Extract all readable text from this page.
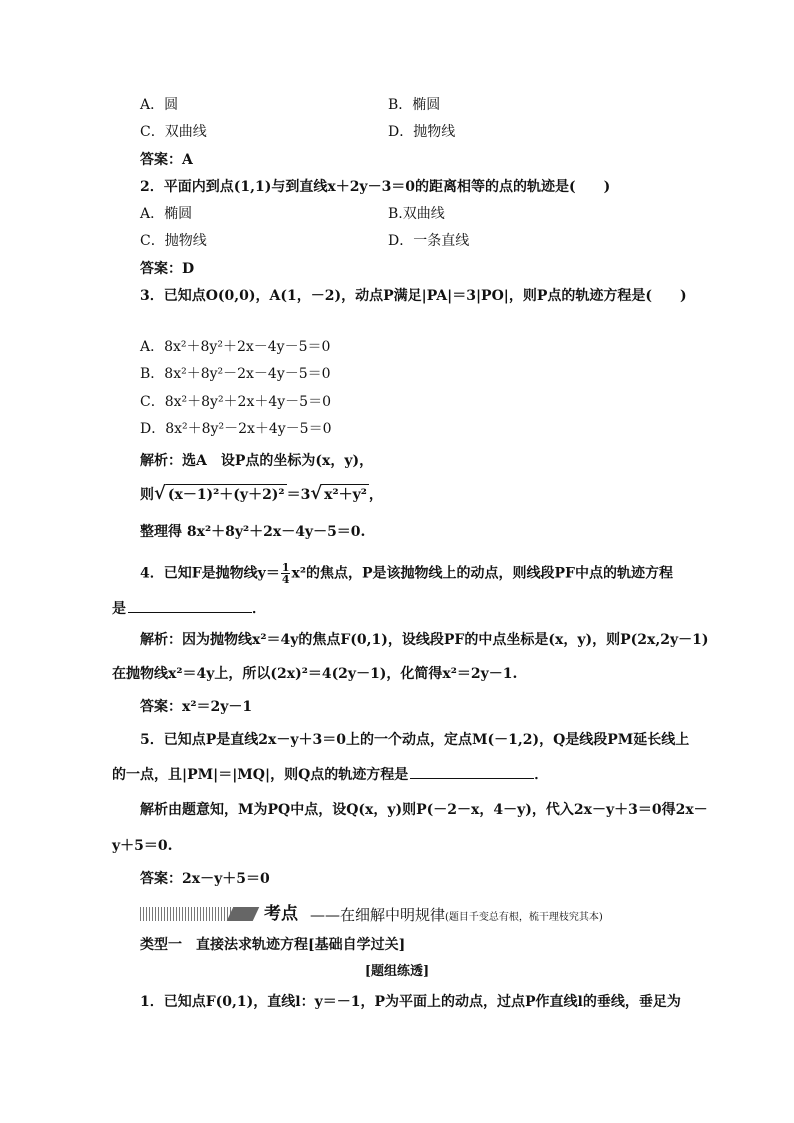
A．圆	B．椭圆
C．双曲线	D．抛物线
答案：A
2．平面内到点(1,1)与到直线x＋2y－3＝0的距离相等的点的轨迹是(　　)
A．椭圆	B.双曲线
C．抛物线	D．一条直线
答案：D
3．已知点O(0,0)，A(1，－2)，动点P满足|PA|＝3|PO|，则P点的轨迹方程是(　　)
A．8x²＋8y²＋2x－4y－5＝0
B．8x²＋8y²－2x－4y－5＝0
C．8x²＋8y²＋2x＋4y－5＝0
D．8x²＋8y²－2x＋4y－5＝0
解析：选A　设P点的坐标为(x，y)，
则√ (x－1)²＋(y＋2)² ＝3√ x²＋y² ，
整理得 8x²＋8y²＋2x－4y－5＝0.
4．已知F是抛物线$y= \frac{1}{4} x^2$的焦点，P是该抛物线上的动点，则线段PF中点的轨迹方程
是	．
解析：因为抛物线x²＝4y的焦点F(0,1)，设线段PF的中点坐标是(x，y)，则P(2x,2y－1)
在抛物线x²＝4y上，所以(2x)²＝4(2y－1)，化简得x²＝2y－1.
答案：x²＝2y－1
5．已知点P是直线2x－y＋3＝0上的一个动点，定点M(－1,2)，Q是线段PM延长线上
的一点，且|PM|＝|MQ|，则Q点的轨迹方程是	．
解析由题意知，M为PQ中点，设Q(x，y)则P(－2－x，4－y)，代入2x－y＋3＝0得2x－
y＋5＝0.
答案：2x－y＋5＝0
考点 ——在细解中明规律(题目千变总有根，梳干理枝究其本)
类型一　直接法求轨迹方程[基础自学过关]
[题组练透]
1．已知点F(0,1)，直线l：y＝－1，P为平面上的动点，过点P作直线l的垂线，垂足为
